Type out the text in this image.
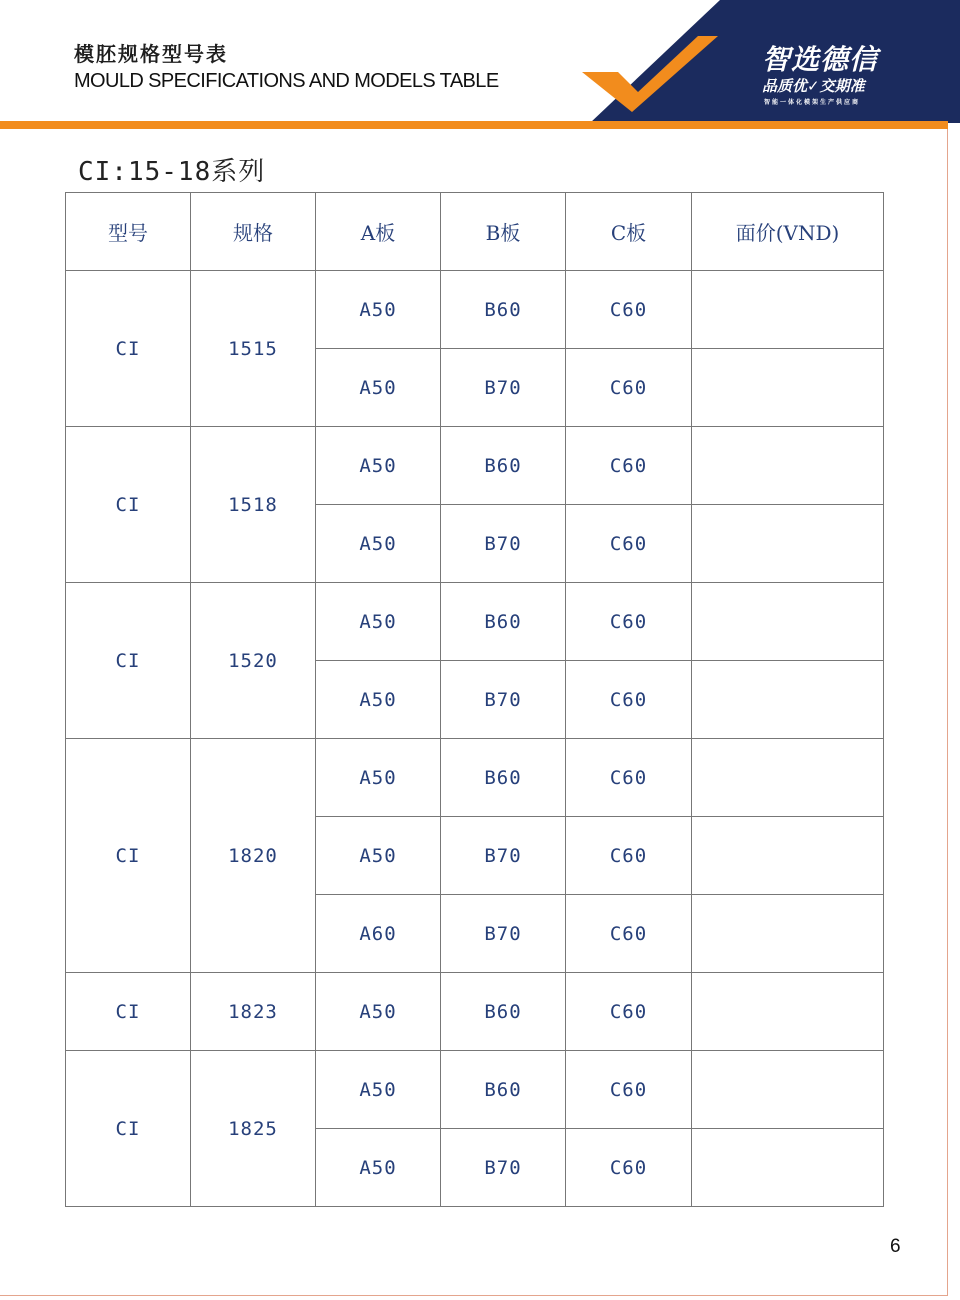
模胚规格型号表
MOULD SPECIFICATIONS AND MODELS TABLE
智选德信
品质优✓交期准
智能一体化模架生产供应商
CI:15-18系列
型号	规格	A板	B板	C板	面价(VND)
CI	1515	A50	B60	C60	
		A50	B70	C60	
CI	1518	A50	B60	C60	
		A50	B70	C60	
CI	1520	A50	B60	C60	
		A50	B70	C60	
CI	1820	A50	B60	C60	
		A50	B70	C60	
		A60	B70	C60	
CI	1823	A50	B60	C60	
CI	1825	A50	B60	C60	
		A50	B70	C60	
6
